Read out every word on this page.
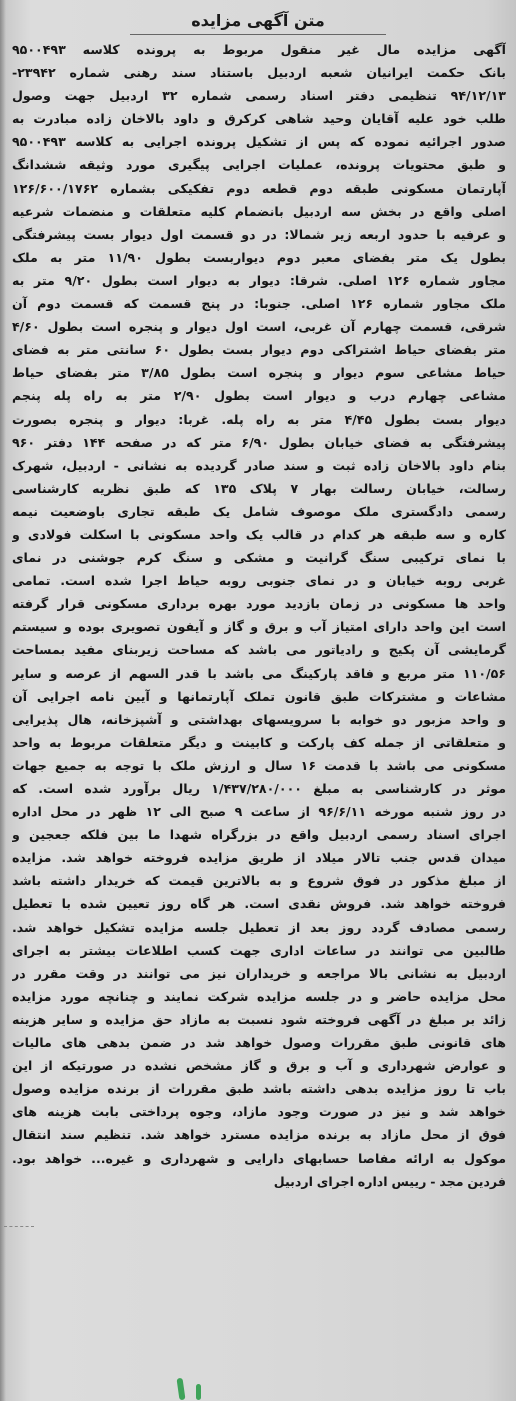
متن آگهی مزایده
آگهی مزایده مال غیر منقول مربوط به پرونده کلاسه ۹۵۰۰۴۹۳
بانک حکمت ایرانیان شعبه اردبیل باستناد سند رهنی شماره ۲۳۹۴۲-
۹۴/۱۲/۱۳ تنظیمی دفتر اسناد رسمی شماره ۳۲ اردبیل جهت وصول
طلب خود علیه آقایان وحید شاهی کرکرق و داود بالاخان زاده مبادرت به
صدور اجرائیه نموده که پس از تشکیل پرونده اجرایی به کلاسه ۹۵۰۰۴۹۳
و طبق محتویات پرونده، عملیات اجرایی پیگیری مورد وثیقه ششدانگ
آپارتمان مسکونی طبقه دوم قطعه دوم تفکیکی بشماره ۱۲۶/۶۰۰/۱۷۶۲
اصلی واقع در بخش سه اردبیل بانضمام کلیه متعلقات و منضمات شرعیه
و عرفیه با حدود اربعه زیر شمالا: در دو قسمت اول دیوار بست پیشرفتگی
بطول یک متر بفضای معبر دوم دیواربست بطول ۱۱/۹۰ متر به ملک
مجاور شماره ۱۲۶ اصلی. شرقا: دیوار به دیوار است بطول ۹/۲۰ متر به
ملک مجاور شماره ۱۲۶ اصلی. جنوبا: در پنج قسمت که قسمت دوم آن
شرقی، قسمت چهارم آن غربی، است اول دیوار و پنجره است بطول ۴/۶۰
متر بفضای حیاط اشتراکی دوم دیوار بست بطول ۶۰ سانتی متر به فضای
حیاط مشاعی سوم دیوار و پنجره است بطول ۳/۸۵ متر بفضای حیاط
مشاعی چهارم درب و دیوار است بطول ۲/۹۰ متر به راه پله پنجم
دیوار بست بطول ۴/۴۵ متر به راه پله. غربا: دیوار و پنجره بصورت
پیشرفتگی به فضای خیابان بطول ۶/۹۰ متر که در صفحه ۱۴۴ دفتر ۹۶۰
بنام داود بالاخان زاده ثبت و سند صادر گردیده به نشانی - اردبیل، شهرک
رسالت، خیابان رسالت بهار ۷ پلاک ۱۳۵ که طبق نظریه کارشناسی
رسمی دادگستری ملک موصوف شامل یک طبقه تجاری باوضعیت نیمه
کاره و سه طبقه هر کدام در قالب یک واحد مسکونی با اسکلت فولادی و
با نمای ترکیبی سنگ گرانیت و مشکی و سنگ کرم جوشنی در نمای
غربی روبه خیابان و در نمای جنوبی روبه حیاط اجرا شده است. تمامی
واحد ها مسکونی در زمان بازدید مورد بهره برداری مسکونی قرار گرفته
است این واحد دارای امتیاز آب و برق و گاز و آیفون تصویری بوده و سیستم
گرمایشی آن پکیج و رادیاتور می باشد که مساحت زیربنای مفید بمساحت
۱۱۰/۵۶ متر مربع و فاقد پارکینگ می باشد با قدر السهم از عرصه و سایر
مشاعات و مشترکات طبق قانون تملک آپارتمانها و آیین نامه اجرایی آن
و واحد مزبور دو خوابه با سرویسهای بهداشتی و آشپزخانه، هال پذیرایی
و متعلقاتی از جمله کف پارکت و کابینت و دیگر متعلقات مربوط به واحد
مسکونی می باشد با قدمت ۱۶ سال و ارزش ملک با توجه به جمیع جهات
موثر در کارشناسی به مبلغ ۱/۴۳۷/۲۸۰/۰۰۰ ریال برآورد شده است. که
در روز شنبه مورخه ۹۶/۶/۱۱ از ساعت ۹ صبح الی ۱۲ ظهر در محل اداره
اجرای اسناد رسمی اردبیل واقع در بزرگراه شهدا ما بین فلکه جعجین و
میدان قدس جنب تالار میلاد از طریق مزایده فروخته خواهد شد. مزایده
از مبلغ مذکور در فوق شروع و به بالاترین قیمت که خریدار داشته باشد
فروخته خواهد شد. فروش نقدی است. هر گاه روز تعیین شده با تعطیل
رسمی مصادف گردد روز بعد از تعطیل جلسه مزایده تشکیل خواهد شد.
طالبین می توانند در ساعات اداری جهت کسب اطلاعات بیشتر به اجرای
اردبیل به نشانی بالا مراجعه و خریداران نیز می توانند در وقت مقرر در
محل مزایده حاضر و در جلسه مزایده شرکت نمایند و چنانچه مورد مزایده
زائد بر مبلغ در آگهی فروخته شود نسبت به مازاد حق مزایده و سایر هزینه
های قانونی طبق مقررات وصول خواهد شد در ضمن بدهی های مالیات
و عوارض شهرداری و آب و برق و گاز مشخص نشده در صورتیکه از این
باب تا روز مزایده بدهی داشته باشد طبق مقررات از برنده مزایده وصول
خواهد شد و نیز در صورت وجود مازاد، وجوه پرداختی بابت هزینه های
فوق از محل مازاد به برنده مزایده مسترد خواهد شد. تنظیم سند انتقال
موکول به ارائه مفاصا حسابهای دارایی و شهرداری و غیره... خواهد بود.
فردین مجد - رییس اداره اجرای اردبیل
